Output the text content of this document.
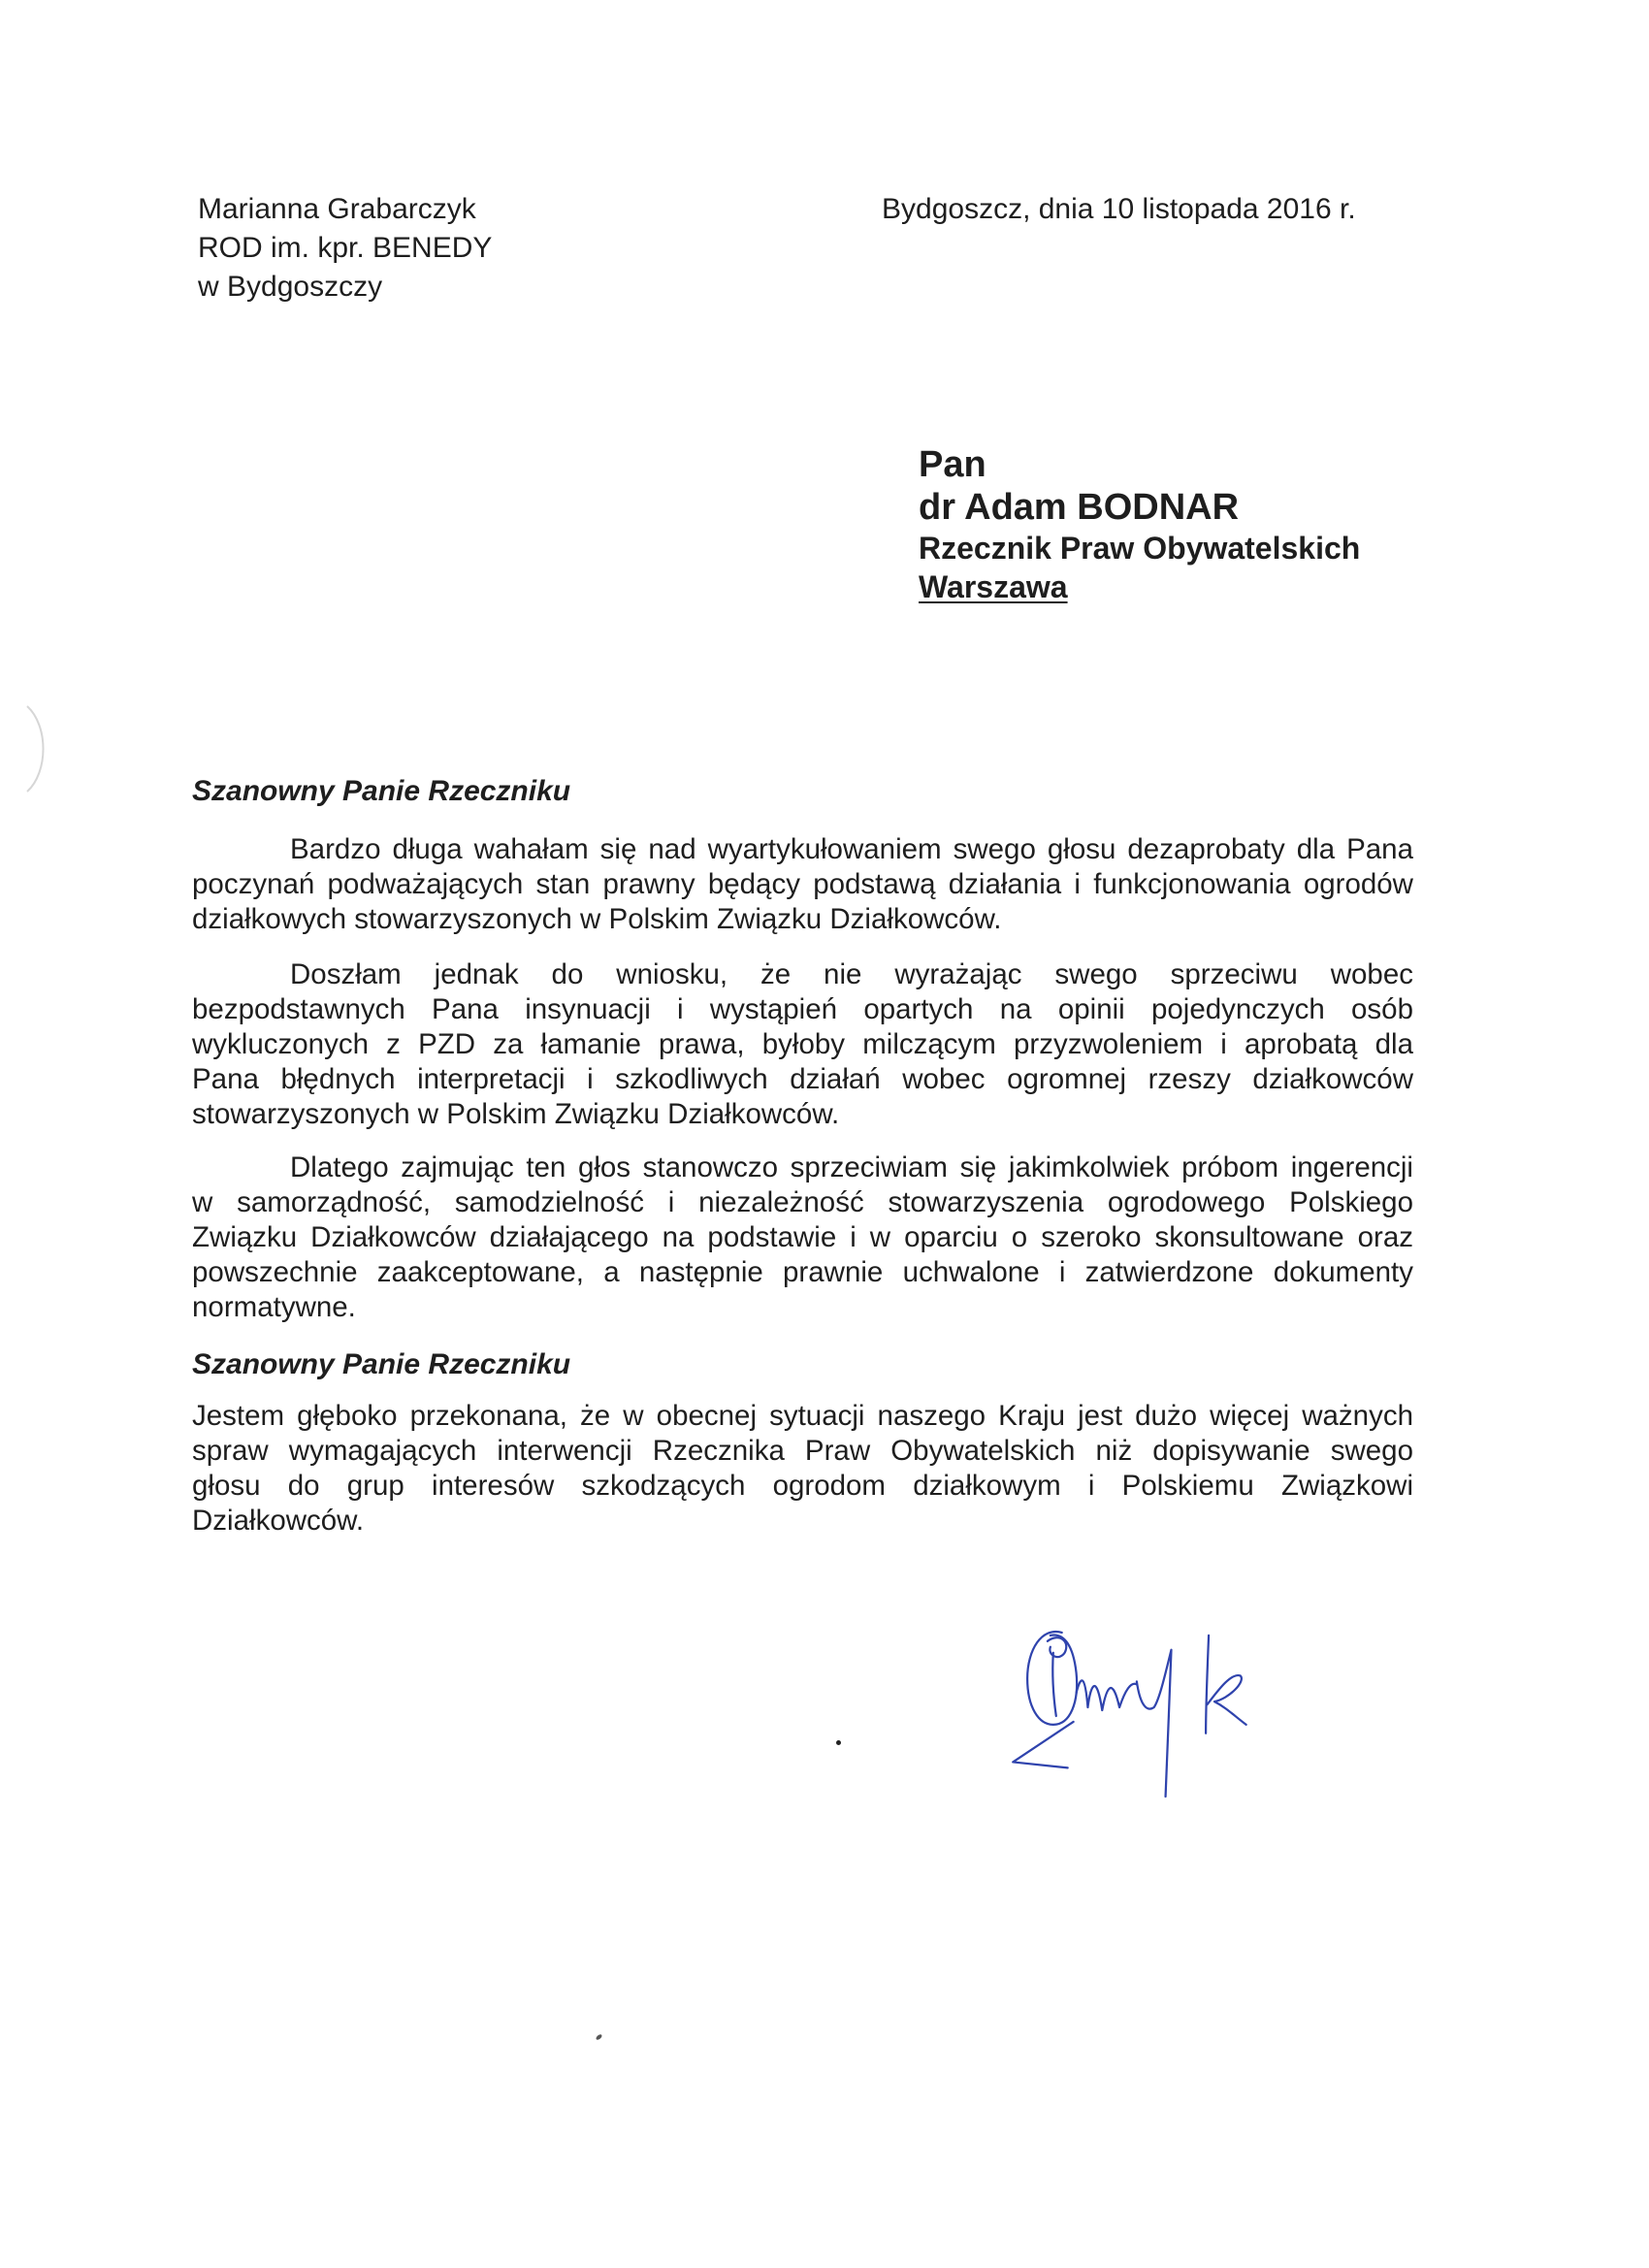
Marianna Grabarczyk
ROD im. kpr. BENEDY
w Bydgoszczy
Bydgoszcz, dnia 10 listopada 2016 r.
Pan
dr Adam BODNAR
Rzecznik Praw Obywatelskich
Warszawa
Szanowny Panie Rzeczniku
Bardzo długa wahałam się nad wyartykułowaniem swego głosu dezaprobaty dla Pana
poczynań podważających stan prawny będący podstawą działania i funkcjonowania ogrodów
działkowych stowarzyszonych w Polskim Związku Działkowców.
Doszłam jednak do wniosku, że nie wyrażając swego sprzeciwu wobec
bezpodstawnych Pana insynuacji i wystąpień opartych na opinii pojedynczych osób
wykluczonych z PZD za łamanie prawa, byłoby milczącym przyzwoleniem i aprobatą dla
Pana błędnych interpretacji i szkodliwych działań wobec ogromnej rzeszy działkowców
stowarzyszonych w Polskim Związku Działkowców.
Dlatego zajmując ten głos stanowczo sprzeciwiam się jakimkolwiek próbom ingerencji
w samorządność, samodzielność i niezależność stowarzyszenia ogrodowego Polskiego
Związku Działkowców działającego na podstawie i w oparciu o szeroko skonsultowane oraz
powszechnie zaakceptowane, a następnie prawnie uchwalone i zatwierdzone dokumenty
normatywne.
Szanowny Panie Rzeczniku
Jestem głęboko przekonana, że w obecnej sytuacji naszego Kraju jest dużo więcej ważnych
spraw wymagających interwencji Rzecznika Praw Obywatelskich niż dopisywanie swego
głosu do grup interesów szkodzących ogrodom działkowym i Polskiemu Związkowi
Działkowców.
